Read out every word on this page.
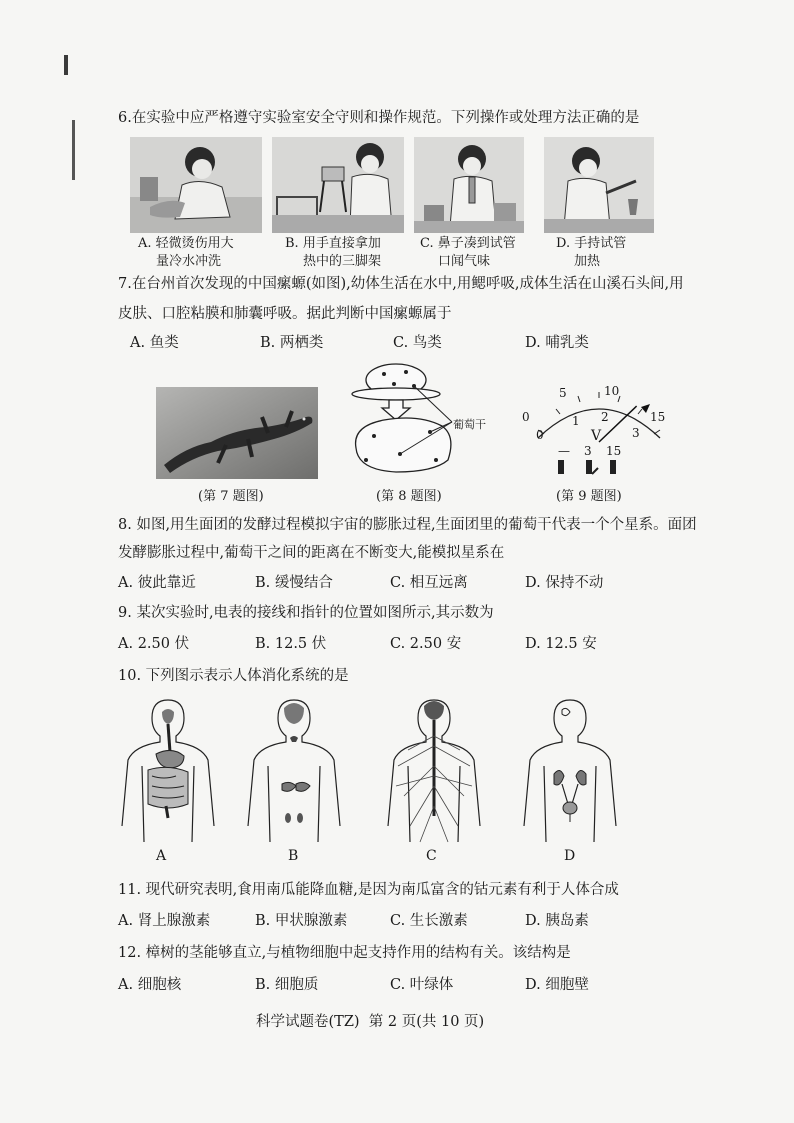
6.在实验中应严格遵守实验室安全守则和操作规范。下列操作或处理方法正确的是
A. 轻微烫伤用大
量冷水冲洗
B. 用手直接拿加
热中的三脚架
C. 鼻子凑到试管
口闻气味
D. 手持试管
加热
7.在台州首次发现的中国瘰螈(如图),幼体生活在水中,用鳃呼吸,成体生活在山溪石头间,用
皮肤、口腔粘膜和肺囊呼吸。据此判断中国瘰螈属于
A. 鱼类	B. 两栖类	C. 鸟类	D. 哺乳类
(第 7 题图)
葡萄干
(第 8 题图)
0
5	10
15
0
1 2
3
V
— 3 15
(第 9 题图)
8. 如图,用生面团的发酵过程模拟宇宙的膨胀过程,生面团里的葡萄干代表一个个星系。面团
发酵膨胀过程中,葡萄干之间的距离在不断变大,能模拟星系在
A. 彼此靠近	B. 缓慢结合	C. 相互远离	D. 保持不动
9. 某次实验时,电表的接线和指针的位置如图所示,其示数为
A. 2.50 伏	B. 12.5 伏	C. 2.50 安	D. 12.5 安
10. 下列图示表示人体消化系统的是
A	B	C	D
11. 现代研究表明,食用南瓜能降血糖,是因为南瓜富含的钴元素有利于人体合成
A. 肾上腺激素	B. 甲状腺激素	C. 生长激素	D. 胰岛素
12. 樟树的茎能够直立,与植物细胞中起支持作用的结构有关。该结构是
A. 细胞核	B. 细胞质	C. 叶绿体	D. 细胞壁
科学试题卷(TZ)  第 2 页(共 10 页)
